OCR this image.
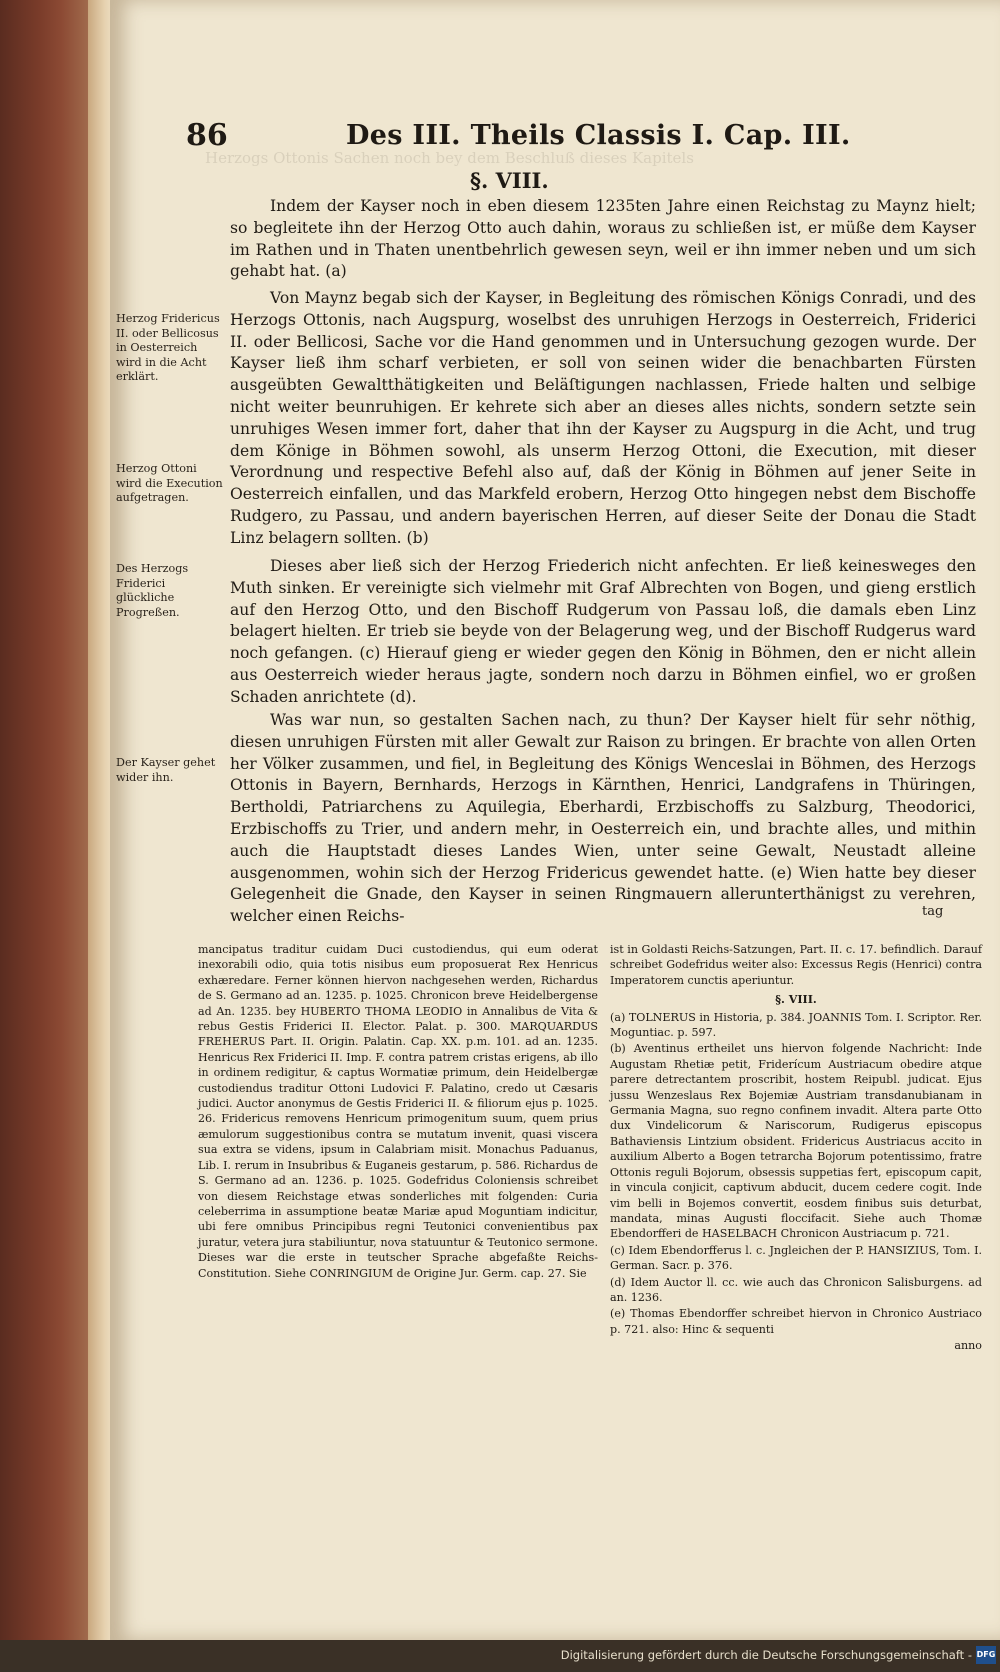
Herzogs Ottonis Sachen noch bey dem Beschluß dieses Kapitels
86	Des III. Theils Classis I. Cap. III.
§. VIII.

Indem der Kayser noch in eben diesem 1235ten Jahre einen Reichstag zu Maynz hielt; so begleitete ihn der Herzog Otto auch dahin, woraus zu schließen ist, er müße dem Kayser im Rathen und in Thaten unentbehrlich gewesen seyn, weil er ihn immer neben und um sich gehabt hat. (a)

Von Maynz begab sich der Kayser, in Begleitung des römischen Königs Conradi, und des Herzogs Ottonis, nach Augspurg, woselbst des unruhigen Herzogs in Oesterreich, Friderici II. oder Bellicosi, Sache vor die Hand genommen und in Untersuchung gezogen wurde. Der Kayser ließ ihm scharf verbieten, er soll von seinen wider die benachbarten Fürsten ausgeübten Gewaltthätigkeiten und Beläſtigungen nachlassen, Friede halten und selbige nicht weiter beunruhigen. Er kehrete sich aber an dieses alles nichts, sondern setzte sein unruhiges Wesen immer fort, daher that ihn der Kayser zu Augspurg in die Acht, und trug dem Könige in Böhmen sowohl, als unserm Herzog Ottoni, die Execution, mit dieser Verordnung und respective Befehl also auf, daß der König in Böhmen auf jener Seite in Oesterreich einfallen, und das Markfeld erobern, Herzog Otto hingegen nebst dem Bischoffe Rudgero, zu Passau, und andern bayerischen Herren, auf dieser Seite der Donau die Stadt Linz belagern sollten. (b)

Dieses aber ließ sich der Herzog Friederich nicht anfechten. Er ließ keinesweges den Muth sinken. Er vereinigte sich vielmehr mit Graf Albrechten von Bogen, und gieng erstlich auf den Herzog Otto, und den Bischoff Rudgerum von Passau loß, die damals eben Linz belagert hielten. Er trieb sie beyde von der Belagerung weg, und der Bischoff Rudgerus ward noch gefangen. (c) Hierauf gieng er wieder gegen den König in Böhmen, den er nicht allein aus Oesterreich wieder heraus jagte, sondern noch darzu in Böhmen einfiel, wo er großen Schaden anrichtete (d).

Was war nun, so gestalten Sachen nach, zu thun? Der Kayser hielt für sehr nöthig, diesen unruhigen Fürsten mit aller Gewalt zur Raison zu bringen. Er brachte von allen Orten her Völker zusammen, und fiel, in Begleitung des Königs Wenceslai in Böhmen, des Herzogs Ottonis in Bayern, Bernhards, Herzogs in Kärnthen, Henrici, Landgrafens in Thüringen, Bertholdi, Patriarchens zu Aquilegia, Eberhardi, Erzbischoffs zu Salzburg, Theodorici, Erzbischoffs zu Trier, und andern mehr, in Oesterreich ein, und brachte alles, und mithin auch die Hauptstadt dieses Landes Wien, unter seine Gewalt, Neustadt alleine ausgenommen, wohin sich der Herzog Fridericus gewendet hatte. (e) Wien hatte bey dieser Gelegenheit die Gnade, den Kayser in seinen Ringmauern allerunterthänigst zu verehren, welcher einen Reichs-

Herzog Fridericus II. oder Bellicosus in Oesterreich wird in die Acht erklärt.

Herzog Ottoni wird die Execution aufgetragen.

Des Herzogs Friderici glückliche Progreßen.

Der Kayser gehet wider ihn.

tag

mancipatus traditur cuidam Duci custodiendus, qui eum oderat inexorabili odio, quia totis nisibus eum proposuerat Rex Henricus exhæredare. Ferner können hiervon nachgesehen werden, Richardus de S. Germano ad an. 1235. p. 1025. Chronicon breve Heidelbergense ad An. 1235. bey HUBERTO THOMA LEODIO in Annalibus de Vita & rebus Gestis Friderici II. Elector. Palat. p. 300. MARQUARDUS FREHERUS Part. II. Origin. Palatin. Cap. XX. p.m. 101. ad an. 1235. Henricus Rex Friderici II. Imp. F. contra patrem cristas erigens, ab illo in ordinem redigitur, & captus Wormatiæ primum, dein Heidelbergæ custodiendus traditur Ottoni Ludovici F. Palatino, credo ut Cæsaris judici. Auctor anonymus de Gestis Friderici II. & filiorum ejus p. 1025. 26. Fridericus removens Henricum primogenitum suum, quem prius æmulorum suggestionibus contra se mutatum invenit, quasi viscera sua extra se videns, ipsum in Calabriam misit. Monachus Paduanus, Lib. I. rerum in Insubribus & Euganeis gestarum, p. 586. Richardus de S. Germano ad an. 1236. p. 1025. Godefridus Coloniensis schreibet von diesem Reichstage etwas sonderliches mit folgenden: Curia celeberrima in assumptione beatæ Mariæ apud Moguntiam indicitur, ubi fere omnibus Principibus regni Teutonici convenientibus pax juratur, vetera jura stabiliuntur, nova statuuntur & Teutonico sermone. Dieses war die erste in teutscher Sprache abgefaßte Reichs-Constitution. Siehe CONRINGIUM de Origine Jur. Germ. cap. 27. Sie

ist in Goldasti Reichs-Satzungen, Part. II. c. 17. befindlich. Darauf schreibet Godefridus weiter also: Excessus Regis (Henrici) contra Imperatorem cunctis aperiuntur.

§. VIII.

(a) TOLNERUS in Historia, p. 384. JOANNIS Tom. I. Scriptor. Rer. Moguntiac. p. 597.

(b) Aventinus ertheilet uns hiervon folgende Nachricht: Inde Augustam Rhetiæ petit, Friderícum Austriacum obedire atque parere detrectantem proscribit, hostem Reipubl. judicat. Ejus jussu Wenzeslaus Rex Bojemiæ Austriam transdanubianam in Germania Magna, suo regno confinem invadit. Altera parte Otto dux Vindelicorum & Nariscorum, Rudigerus episcopus Bathaviensis Lintzium obsident. Fridericus Austriacus accito in auxilium Alberto a Bogen tetrarcha Bojorum potentissimo, fratre Ottonis reguli Bojorum, obsessis suppetias fert, episcopum capit, in vincula conjicit, captivum abducit, ducem cedere cogit. Inde vim belli in Bojemos convertit, eosdem finibus suis deturbat, mandata, minas Augusti floccifacit. Siehe auch Thomæ Ebendorfferi de HASELBACH Chronicon Austriacum p. 721.

(c) Idem Ebendorfferus l. c. Jngleichen der P. HANSIZIUS, Tom. I. German. Sacr. p. 376.

(d) Idem Auctor ll. cc. wie auch das Chronicon Salisburgens. ad an. 1236.

(e) Thomas Ebendorffer schreibet hiervon in Chronico Austriaco p. 721. also: Hinc & sequenti

anno

Digitalisierung gefördert durch die Deutsche Forschungsgemeinschaft - DFG
